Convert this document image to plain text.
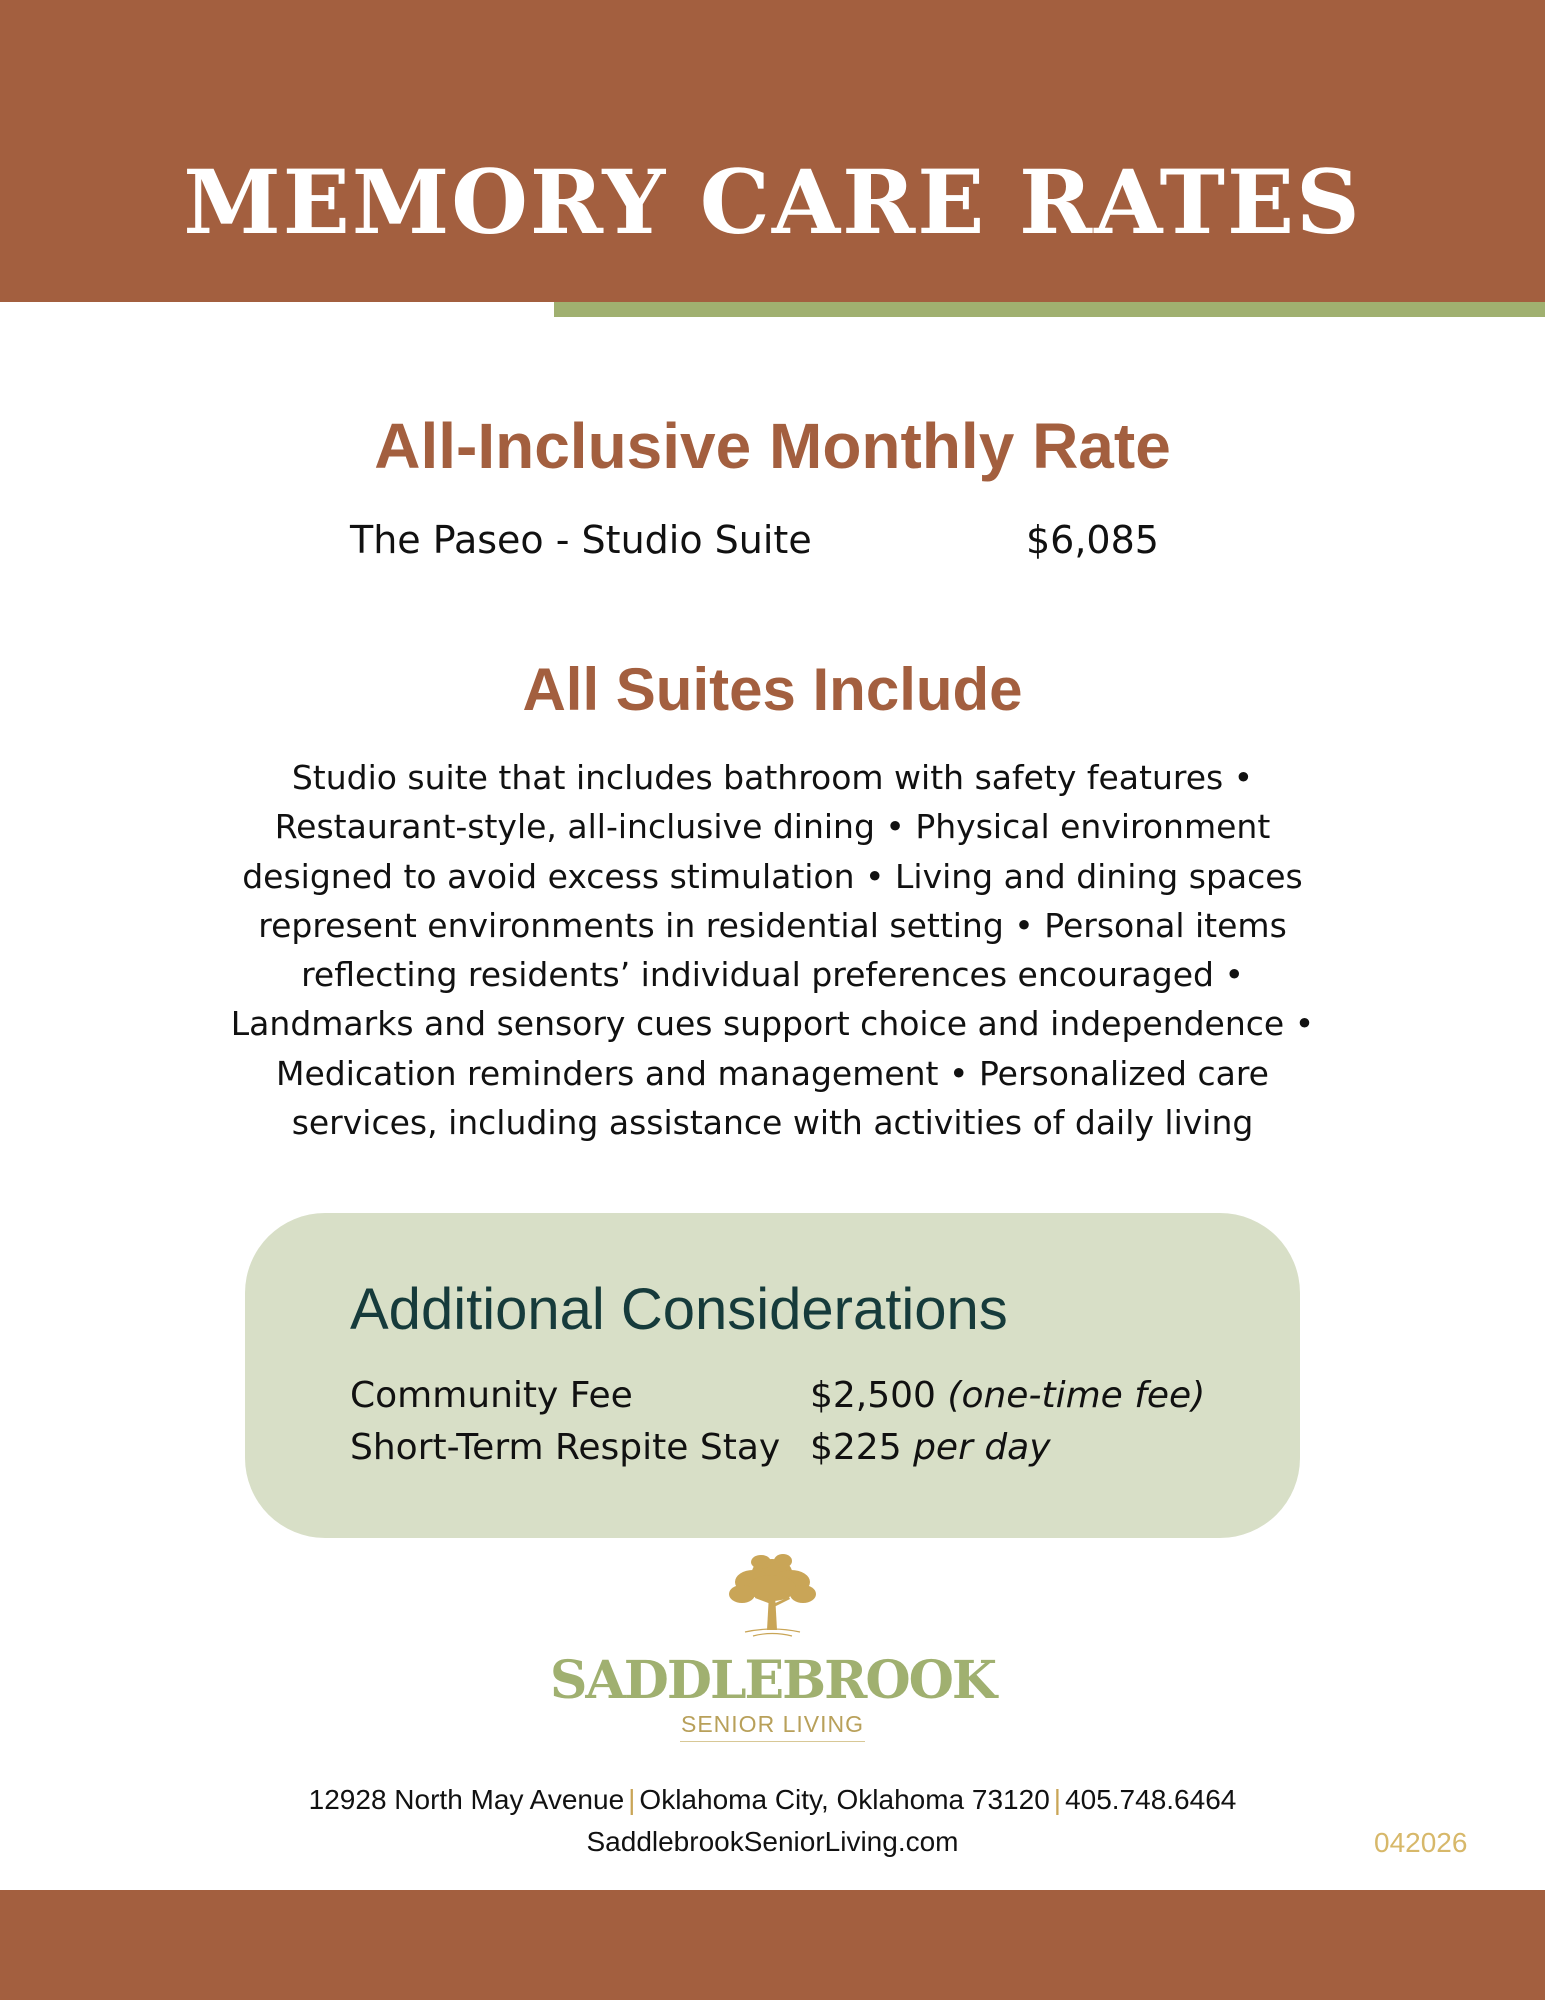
MEMORY CARE RATES
All-Inclusive Monthly Rate
The Paseo - Studio Suite	$6,085
All Suites Include
Studio suite that includes bathroom with safety features •
Restaurant-style, all-inclusive dining • Physical environment
designed to avoid excess stimulation • Living and dining spaces
represent environments in residential setting • Personal items
reflecting residents’ individual preferences encouraged •
Landmarks and sensory cues support choice and independence •
Medication reminders and management • Personalized care
services, including assistance with activities of daily living
Additional Considerations
Community Fee	$2,500 (one-time fee)
Short-Term Respite Stay $225 per day
SADDLEBROOK
SENIOR LIVING
12928 North May Avenue | Oklahoma City, Oklahoma 73120 | 405.748.6464
SaddlebrookSeniorLiving.com	042026
